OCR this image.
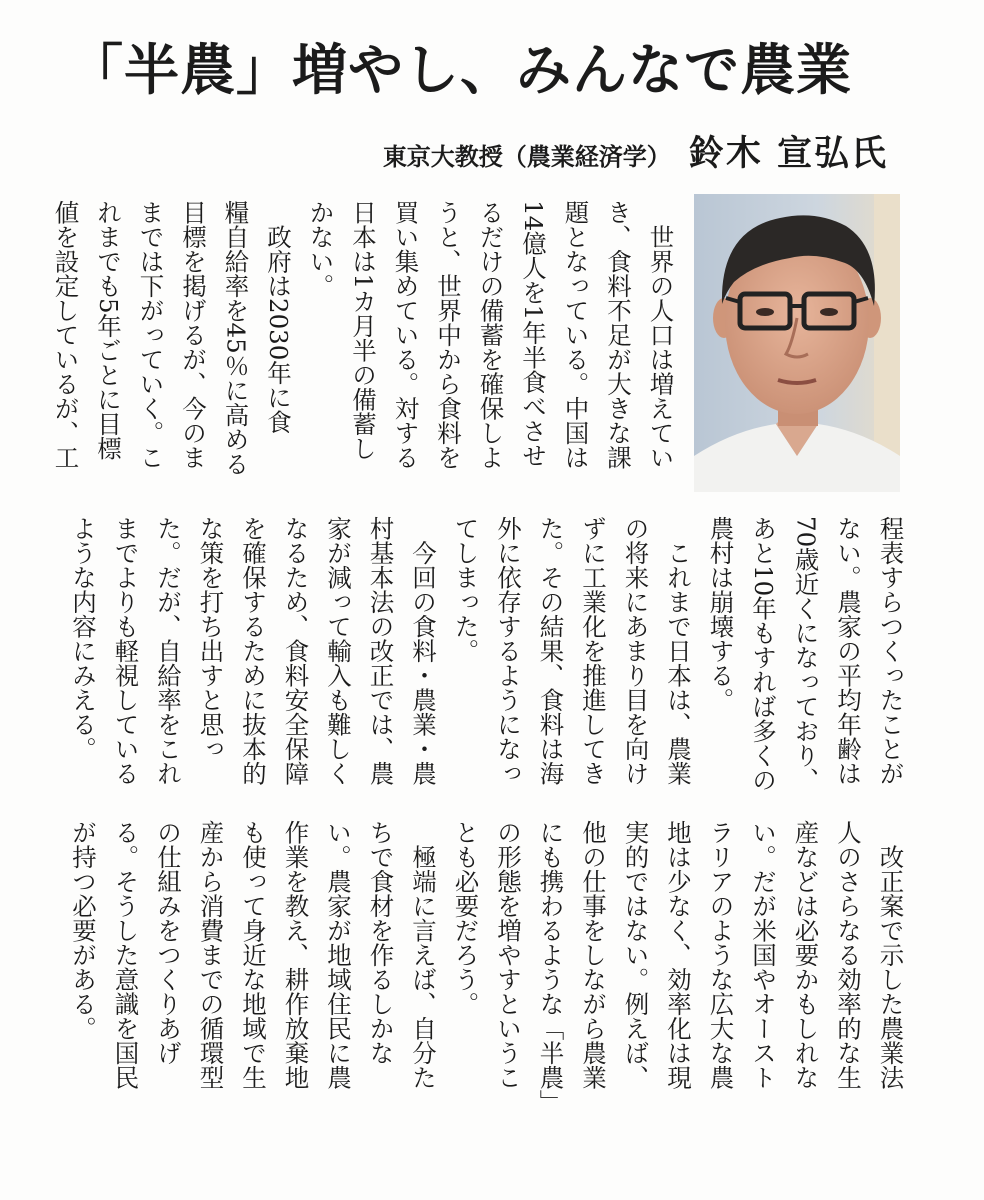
「半農」増やし、みんなで農業
東京大教授（農業経済学） 鈴木 宣弘氏
　世界の人口は増えてい
き、食料不足が大きな課
題となっている。中国は
14億人を1年半食べさせ
るだけの備蓄を確保しよ
うと、世界中から食料を
買い集めている。対する
日本は1カ月半の備蓄し
かない。
　政府は2030年に食
糧自給率を45％に高める
目標を掲げるが、今のま
までは下がっていく。こ
れまでも5年ごとに目標
値を設定しているが、工
程表すらつくったことが
ない。農家の平均年齢は
70歳近くになっており、
あと10年もすれば多くの
農村は崩壊する。
　これまで日本は、農業
の将来にあまり目を向け
ずに工業化を推進してき
た。その結果、食料は海
外に依存するようになっ
てしまった。
　今回の食料・農業・農
村基本法の改正では、農
家が減って輸入も難しく
なるため、食料安全保障
を確保するために抜本的
な策を打ち出すと思っ
た。だが、自給率をこれ
までよりも軽視している
ような内容にみえる。
　改正案で示した農業法
人のさらなる効率的な生
産などは必要かもしれな
い。だが米国やオースト
ラリアのような広大な農
地は少なく、効率化は現
実的ではない。例えば、
他の仕事をしながら農業
にも携わるような「半農」
の形態を増やすというこ
とも必要だろう。
　極端に言えば、自分た
ちで食材を作るしかな
い。農家が地域住民に農
作業を教え、耕作放棄地
も使って身近な地域で生
産から消費までの循環型
の仕組みをつくりあげ
る。そうした意識を国民
が持つ必要がある。
